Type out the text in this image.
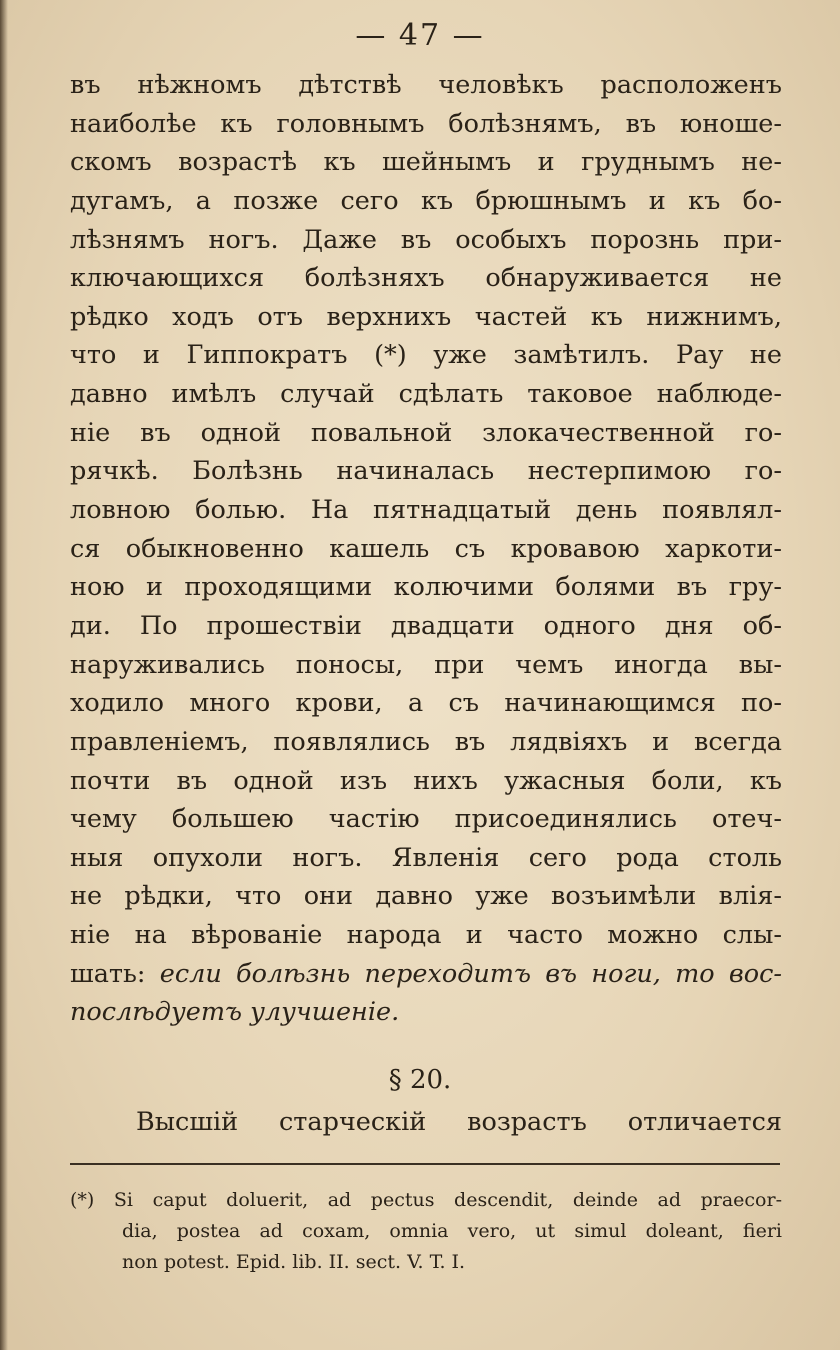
— 47 —
въ нѣжномъ дѣтствѣ человѣкъ расположенъ
наиболѣе къ головнымъ болѣзнямъ, въ юноше-
скомъ возрастѣ къ шейнымъ и груднымъ не-
дугамъ, а позже сего къ брюшнымъ и къ бо-
лѣзнямъ ногъ. Даже въ особыхъ порознь при-
ключающихся болѣзняхъ обнаруживается не
рѣдко ходъ отъ верхнихъ частей къ нижнимъ,
что и Гиппократъ (*) уже замѣтилъ. Рау не
давно имѣлъ случай сдѣлать таковое наблюде-
ніе въ одной повальной злокачественной го-
рячкѣ. Болѣзнь начиналась нестерпимою го-
ловною болью. На пятнадцатый день появлял-
ся обыкновенно кашель съ кровавою харкоти-
ною и проходящими колючими болями въ гру-
ди. По прошествіи двадцати одного дня об-
наруживались поносы, при чемъ иногда вы-
ходило много крови, а съ начинающимся по-
правленіемъ, появлялись въ лядвіяхъ и всегда
почти въ одной изъ нихъ ужасныя боли, къ
чему большею частію присоединялись отеч-
ныя опухоли ногъ. Явленія сего рода столь
не рѣдки, что они давно уже возъимѣли влія-
ніе на вѣрованіе народа и часто можно слы-
шать: если болѣзнь переходитъ въ ноги, то вос-
послѣдуетъ улучшеніе.
§ 20.
Высшій старческій возрастъ отличается
(*) Si caput doluerit, ad pectus descendit, deinde ad praecor-
dia, postea ad coxam, omnia vero, ut simul doleant, fieri
non potest. Epid. lib. II. sect. V. T. I.
